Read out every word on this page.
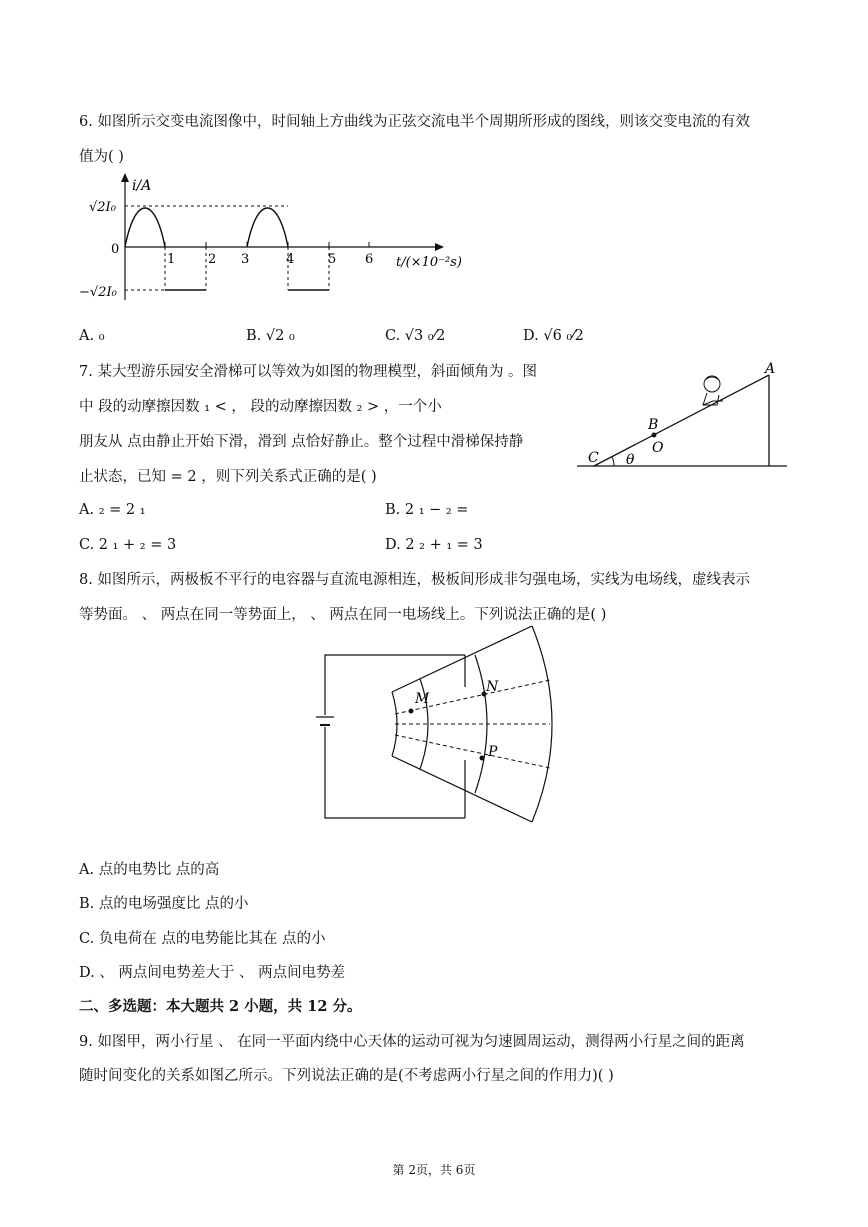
6. 如图所示交变电流图像中，时间轴上方曲线为正弦交流电半个周期所形成的图线，则该交变电流的有效
值为( )
i/A
√2I₀
0
−√2I₀
t/(×10⁻²s)
1	2 3	4	5 6
A. ₀	B. √2 ₀	C. √3 ₀⁄2	D. √6 ₀⁄2
7. 某大型游乐园安全滑梯可以等效为如图的物理模型，斜面倾角为 。图
中 段的动摩擦因数 ₁ < ， 段的动摩擦因数 ₂ > ，一个小
朋友从 点由静止开始下滑，滑到 点恰好静止。整个过程中滑梯保持静
止状态，已知 = 2 ，则下列关系式正确的是( )
A
B
O
C θ
A. ₂ = 2 ₁	B. 2 ₁ − ₂ =
C. 2 ₁ + ₂ = 3	D. 2 ₂ + ₁ = 3
8. 如图所示，两极板不平行的电容器与直流电源相连，极板间形成非匀强电场，实线为电场线，虚线表示
等势面。 、 两点在同一等势面上， 、 两点在同一电场线上。下列说法正确的是( )
M
N
P
A. 点的电势比 点的高
B. 点的电场强度比 点的小
C. 负电荷在 点的电势能比其在 点的小
D. 、 两点间电势差大于 、 两点间电势差
二、多选题：本大题共 2 小题，共 12 分。
9. 如图甲，两小行星 、 在同一平面内绕中心天体的运动可视为匀速圆周运动，测得两小行星之间的距离
随时间变化的关系如图乙所示。下列说法正确的是(不考虑两小行星之间的作用力)( )
第 2页，共 6页
